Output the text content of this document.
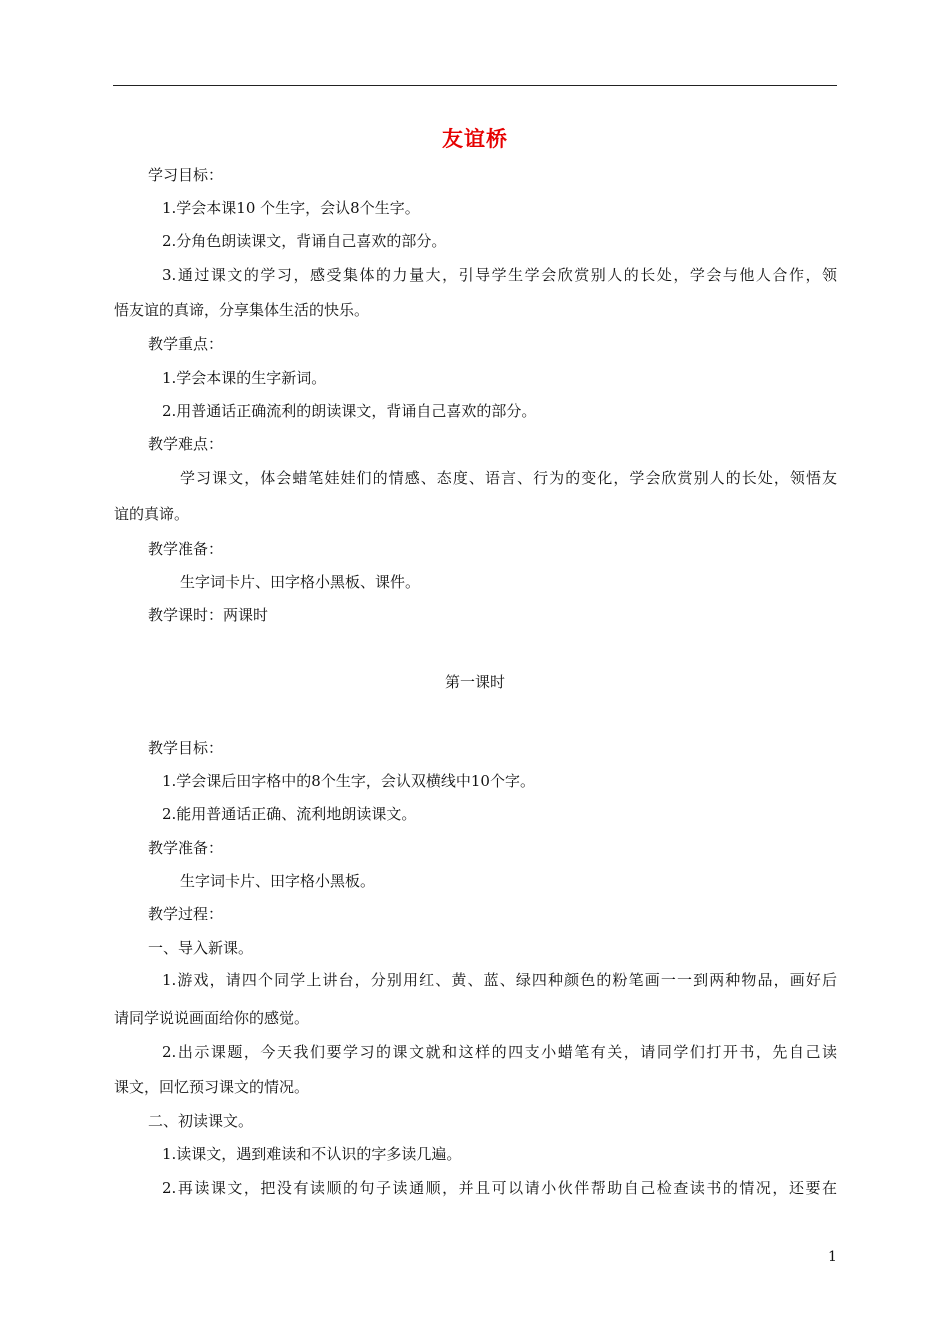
友谊桥
学习目标：
1.学会本课10 个生字，会认8个生字。
2.分角色朗读课文，背诵自己喜欢的部分。
3.通过课文的学习，感受集体的力量大，引导学生学会欣赏别人的长处，学会与他人合作，领
悟友谊的真谛，分享集体生活的快乐。
教学重点：
1.学会本课的生字新词。
2.用普通话正确流利的朗读课文，背诵自己喜欢的部分。
教学难点：
学习课文，体会蜡笔娃娃们的情感、态度、语言、行为的变化，学会欣赏别人的长处，领悟友
谊的真谛。
教学准备：
生字词卡片、田字格小黑板、课件。
教学课时：两课时
第一课时
教学目标：
1.学会课后田字格中的8个生字，会认双横线中10个字。
2.能用普通话正确、流利地朗读课文。
教学准备：
生字词卡片、田字格小黑板。
教学过程：
一、导入新课。
1.游戏，请四个同学上讲台，分别用红、黄、蓝、绿四种颜色的粉笔画一一到两种物品，画好后
请同学说说画面给你的感觉。
2.出示课题，今天我们要学习的课文就和这样的四支小蜡笔有关，请同学们打开书，先自己读
课文，回忆预习课文的情况。
二、初读课文。
1.读课文，遇到难读和不认识的字多读几遍。
2.再读课文，把没有读顺的句子读通顺，并且可以请小伙伴帮助自己检查读书的情况，还要在
1
